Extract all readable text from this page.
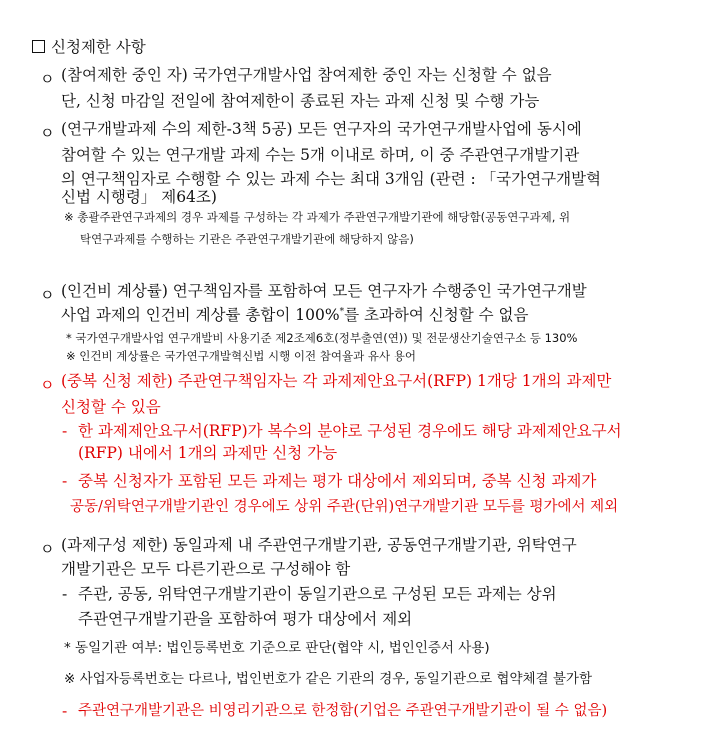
신청제한 사항
ㅇ (참여제한 중인 자) 국가연구개발사업 참여제한 중인 자는 신청할 수 없음
단, 신청 마감일 전일에 참여제한이 종료된 자는 과제 신청 및 수행 가능
ㅇ (연구개발과제 수의 제한-3책 5공) 모든 연구자의 국가연구개발사업에 동시에
참여할 수 있는 연구개발 과제 수는 5개 이내로 하며, 이 중 주관연구개발기관
의 연구책임자로 수행할 수 있는 과제 수는 최대 3개임 (관련 : 「국가연구개발혁
신법 시행령」 제64조)
※ 총괄주관연구과제의 경우 과제를 구성하는 각 과제가 주관연구개발기관에 해당함(공동연구과제, 위
탁연구과제를 수행하는 기관은 주관연구개발기관에 해당하지 않음)
ㅇ (인건비 계상률) 연구책임자를 포함하여 모든 연구자가 수행중인 국가연구개발
사업 과제의 인건비 계상률 총합이 100%*를 초과하여 신청할 수 없음
* 국가연구개발사업 연구개발비 사용기준 제2조제6호(정부출연(연)) 및 전문생산기술연구소 등 130%
※ 인건비 계상률은 국가연구개발혁신법 시행 이전 참여율과 유사 용어
ㅇ (중복 신청 제한) 주관연구책임자는 각 과제제안요구서(RFP) 1개당 1개의 과제만
신청할 수 있음
- 한 과제제안요구서(RFP)가 복수의 분야로 구성된 경우에도 해당 과제제안요구서
(RFP) 내에서 1개의 과제만 신청 가능
- 중복 신청자가 포함된 모든 과제는 평가 대상에서 제외되며, 중복 신청 과제가
공동/위탁연구개발기관인 경우에도 상위 주관(단위)연구개발기관 모두를 평가에서 제외
ㅇ (과제구성 제한) 동일과제 내 주관연구개발기관, 공동연구개발기관, 위탁연구
개발기관은 모두 다른기관으로 구성해야 함
- 주관, 공동, 위탁연구개발기관이 동일기관으로 구성된 모든 과제는 상위
주관연구개발기관을 포함하여 평가 대상에서 제외
* 동일기관 여부: 법인등록번호 기준으로 판단(협약 시, 법인인증서 사용)
※ 사업자등록번호는 다르나, 법인번호가 같은 기관의 경우, 동일기관으로 협약체결 불가함
- 주관연구개발기관은 비영리기관으로 한정함(기업은 주관연구개발기관이 될 수 없음)
